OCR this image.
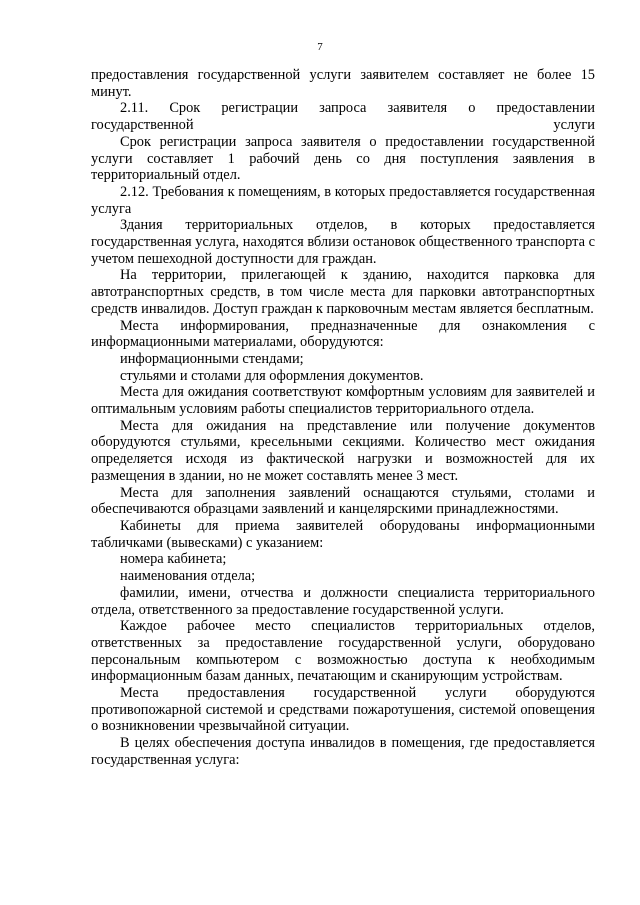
7

предоставления государственной услуги заявителем составляет не более 15 минут.

2.11. Срок регистрации запроса заявителя о предоставлении государственной услуги

Срок регистрации запроса заявителя о предоставлении государственной услуги составляет 1 рабочий день со дня поступления заявления в территориальный отдел.

2.12. Требования к помещениям, в которых предоставляется государственная услуга

Здания территориальных отделов, в которых предоставляется государственная услуга, находятся вблизи остановок общественного транспорта с учетом пешеходной доступности для граждан.

На территории, прилегающей к зданию, находится парковка для автотранспортных средств, в том числе места для парковки автотранспортных средств инвалидов. Доступ граждан к парковочным местам является бесплатным.

Места информирования, предназначенные для ознакомления с информационными материалами, оборудуются:

информационными стендами;

стульями и столами для оформления документов.

Места для ожидания соответствуют комфортным условиям для заявителей и оптимальным условиям работы специалистов территориального отдела.

Места для ожидания на представление или получение документов оборудуются стульями, кресельными секциями. Количество мест ожидания определяется исходя из фактической нагрузки и возможностей для их размещения в здании, но не может составлять менее 3 мест.

Места для заполнения заявлений оснащаются стульями, столами и обеспечиваются образцами заявлений и канцелярскими принадлежностями.

Кабинеты для приема заявителей оборудованы информационными табличками (вывесками) с указанием:

номера кабинета;

наименования отдела;

фамилии, имени, отчества и должности специалиста территориального отдела, ответственного за предоставление государственной услуги.

Каждое рабочее место специалистов территориальных отделов, ответственных за предоставление государственной услуги, оборудовано персональным компьютером с возможностью доступа к необходимым информационным базам данных, печатающим и сканирующим устройствам.

Места предоставления государственной услуги оборудуются противопожарной системой и средствами пожаротушения, системой оповещения о возникновении чрезвычайной ситуации.

В целях обеспечения доступа инвалидов в помещения, где предоставляется государственная услуга:
